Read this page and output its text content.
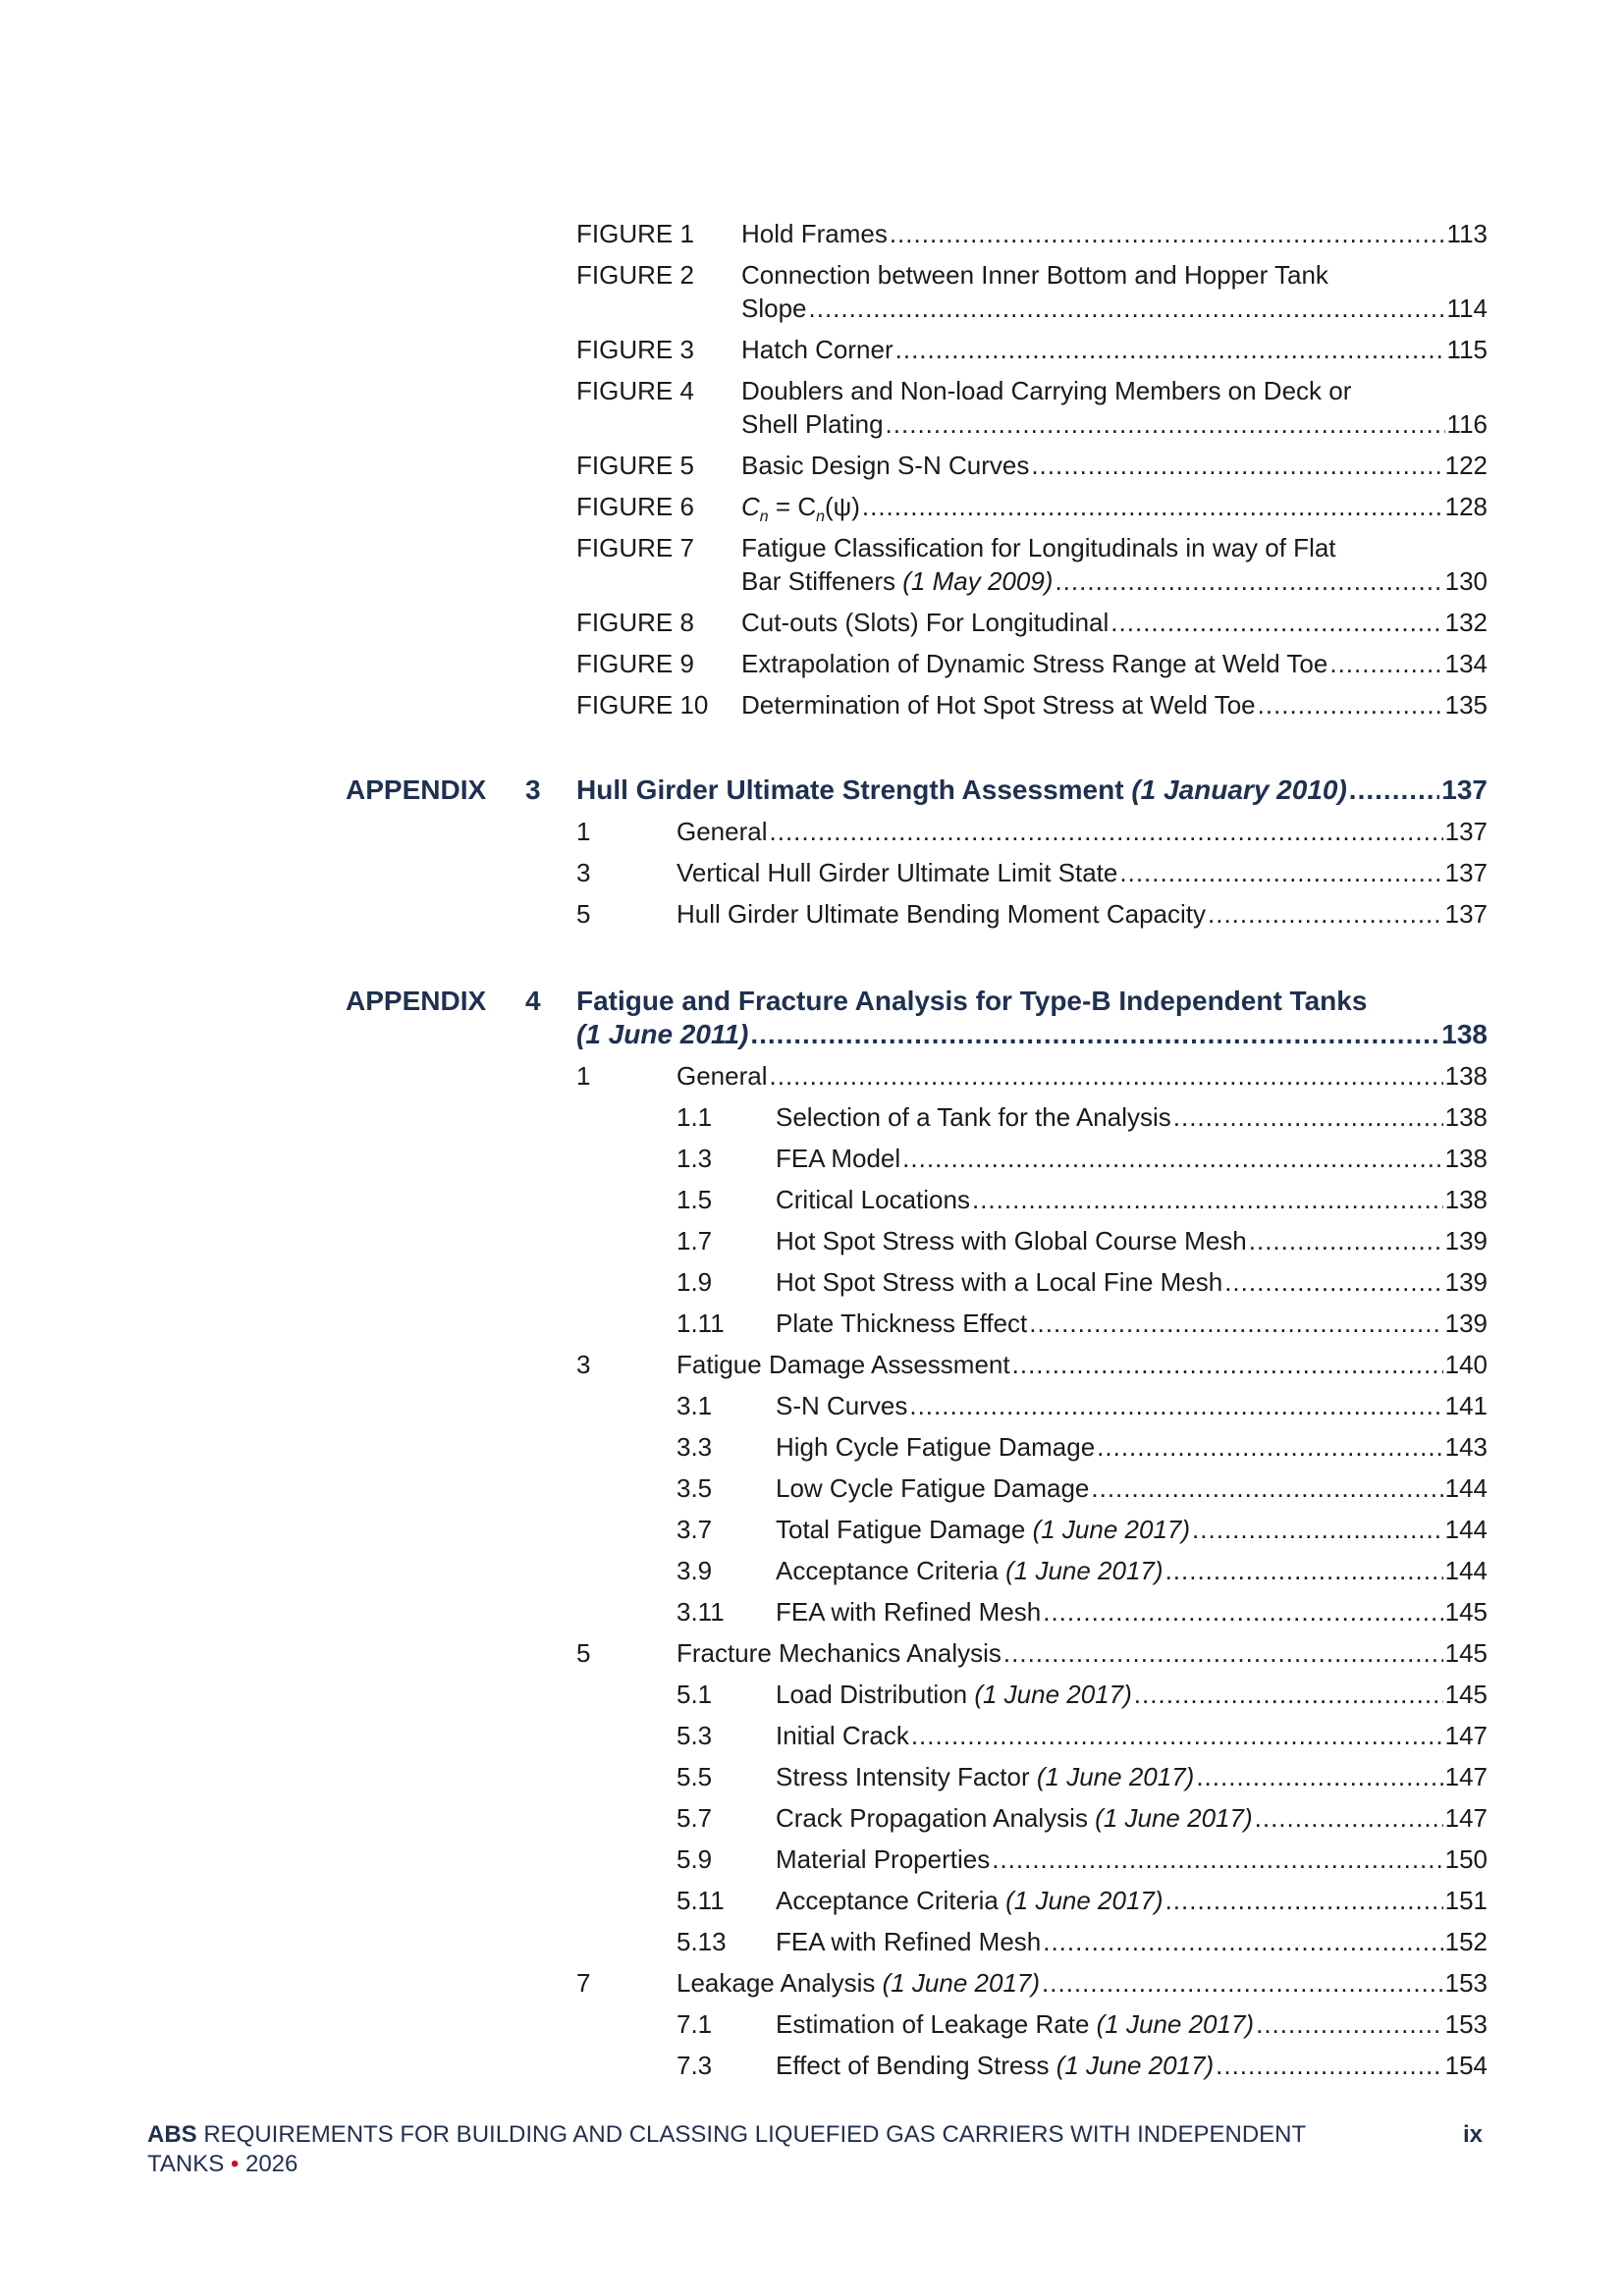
FIGURE 1 Hold Frames .....	113
FIGURE 2 Connection between Inner Bottom and Hopper Tank
Slope .....	114
FIGURE 3 Hatch Corner .....	115
FIGURE 4 Doublers and Non-load Carrying Members on Deck or
Shell Plating .....	116
FIGURE 5 Basic Design S-N Curves .....	122
FIGURE 6 $C_n = C_n(\psi)$ .....	128
FIGURE 7 Fatigue Classification for Longitudinals in way of Flat
Bar Stiffeners (1 May 2009) .....	130
FIGURE 8 Cut-outs (Slots) For Longitudinal .....	132
FIGURE 9 Extrapolation of Dynamic Stress Range at Weld Toe .....	134
FIGURE 10 Determination of Hot Spot Stress at Weld Toe .....	135
APPENDIX 3 Hull Girder Ultimate Strength Assessment (1 January 2010) .....	137
1	General .....	137
3	Vertical Hull Girder Ultimate Limit State .....	137
5	Hull Girder Ultimate Bending Moment Capacity .....	137
APPENDIX 4 Fatigue and Fracture Analysis for Type-B Independent Tanks
(1 June 2011) .....	138
1	General .....	138
1.1 Selection of a Tank for the Analysis .....	138
1.3 FEA Model .....	138
1.5 Critical Locations .....	138
1.7 Hot Spot Stress with Global Course Mesh .....	139
1.9 Hot Spot Stress with a Local Fine Mesh .....	139
1.11 Plate Thickness Effect .....	139
3	Fatigue Damage Assessment .....	140
3.1 S-N Curves .....	141
3.3 High Cycle Fatigue Damage .....	143
3.5 Low Cycle Fatigue Damage .....	144
3.7 Total Fatigue Damage (1 June 2017) .....	144
3.9 Acceptance Criteria (1 June 2017) .....	144
3.11 FEA with Refined Mesh .....	145
5	Fracture Mechanics Analysis .....	145
5.1 Load Distribution (1 June 2017) .....	145
5.3 Initial Crack .....	147
5.5 Stress Intensity Factor (1 June 2017) .....	147
5.7 Crack Propagation Analysis (1 June 2017) .....	147
5.9 Material Properties .....	150
5.11 Acceptance Criteria (1 June 2017) .....	151
5.13 FEA with Refined Mesh .....	152
7	Leakage Analysis (1 June 2017) .....	153
7.1 Estimation of Leakage Rate (1 June 2017) .....	153
7.3 Effect of Bending Stress (1 June 2017) .....	154
ABS REQUIREMENTS FOR BUILDING AND CLASSING LIQUEFIED GAS CARRIERS WITH INDEPENDENT
TANKS • 2026
ix
